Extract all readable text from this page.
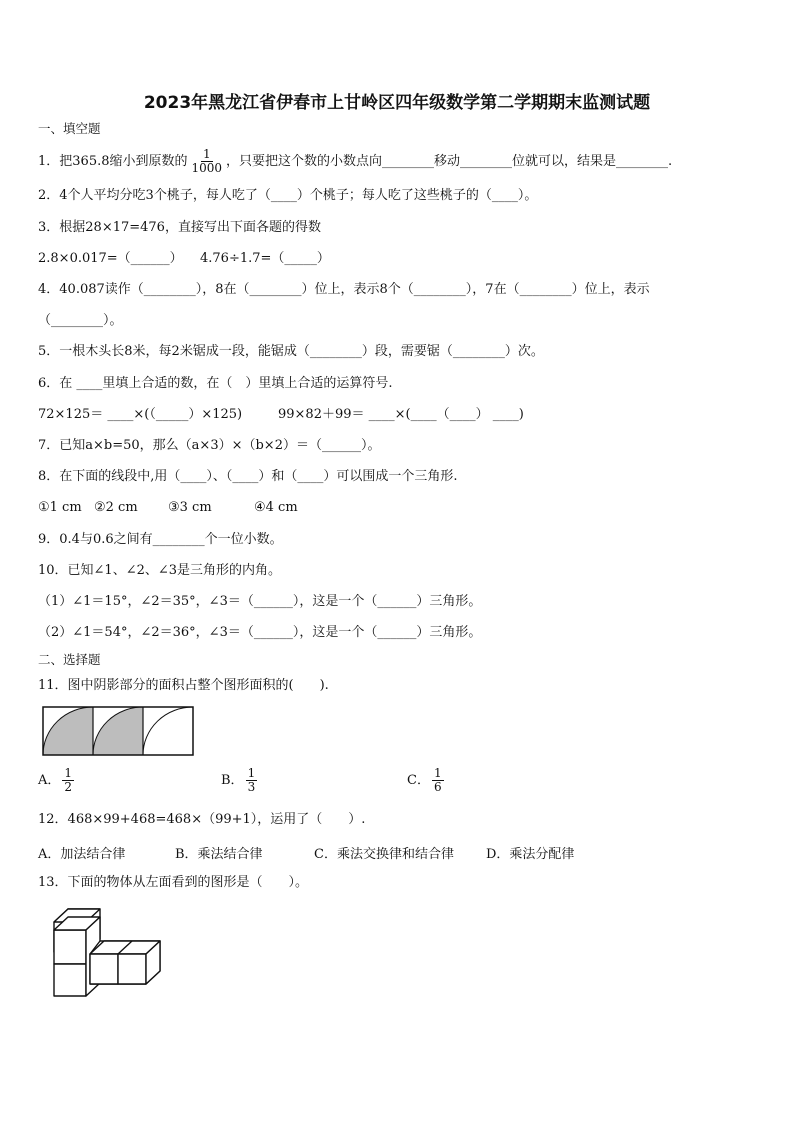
2023年黑龙江省伊春市上甘岭区四年级数学第二学期期末监测试题
一、填空题
1．把365.8缩小到原数的 $\frac{1}{1000}$ ，只要把这个数的小数点向________移动________位就可以，结果是________.
2．4个人平均分吃3个桃子，每人吃了（____）个桃子；每人吃了这些桃子的（____）。
3．根据28×17=476，直接写出下面各题的得数
2.8×0.017=（______） 4.76÷1.7=（_____）
4．40.087读作（________），8在（________）位上，表示8个（________），7在（________）位上，表示
（________）。
5．一根木头长8米，每2米锯成一段，能锯成（________）段，需要锯（________）次。
6．在 ____里填上合适的数，在（　）里填上合适的运算符号.
72×125＝ ____×(（_____）×125)	99×82＋99＝ ____×(____（____） ____)
7．已知a×b=50，那么（a×3）×（b×2）＝（______）。
8．在下面的线段中,用（____）、（____）和（____）可以围成一个三角形.
①1 cm ②2 cm ③3 cm	④4 cm
9．0.4与0.6之间有________个一位小数。
10．已知∠1、∠2、∠3是三角形的内角。
（1）∠1＝15°，∠2＝35°，∠3＝（______），这是一个（______）三角形。
（2）∠1＝54°，∠2＝36°，∠3＝（______），这是一个（______）三角形。
二、选择题
11．图中阴影部分的面积占整个图形面积的(　　).
A． $\frac{1}{2}$	B． $\frac{1}{3}$	C． $\frac{1}{6}$
12．468×99+468=468×（99+1），运用了（　　）.
A．加法结合律	B．乘法结合律	C．乘法交换律和结合律 D．乘法分配律
13．下面的物体从左面看到的图形是（　　）。
